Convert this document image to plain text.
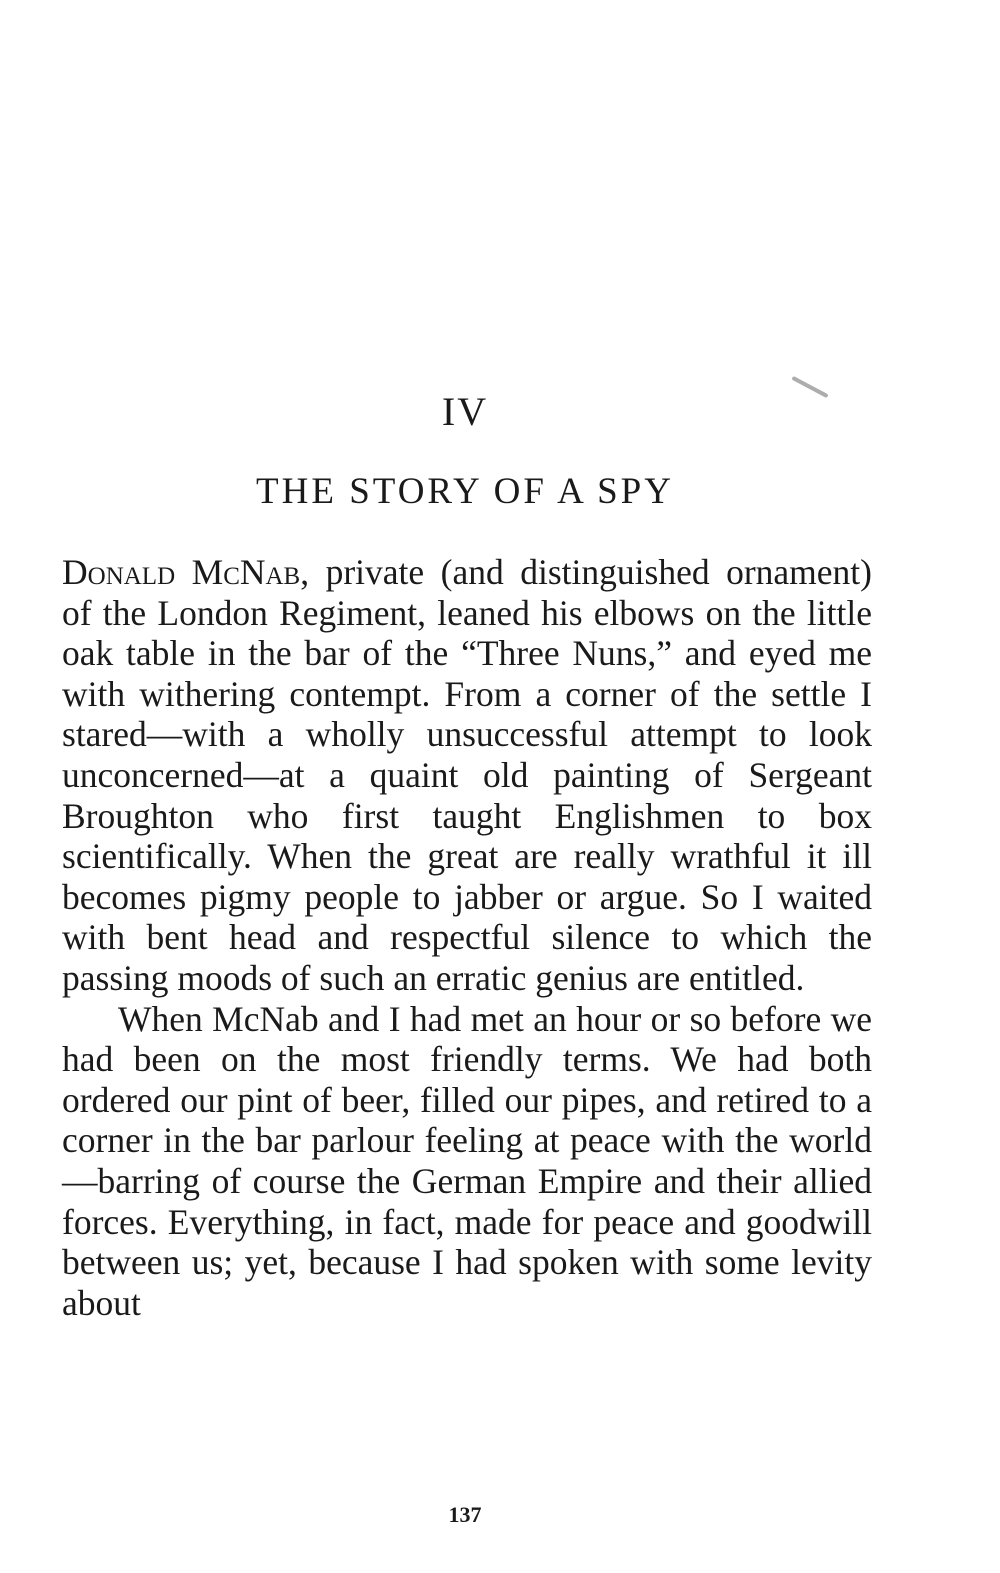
IV
THE STORY OF A SPY

Donald McNab, private (and distinguished ornament) of the London Regiment, leaned his elbows on the little oak table in the bar of the “Three Nuns,” and eyed me with withering contempt. From a corner of the settle I stared—with a wholly unsuccessful attempt to look unconcerned—at a quaint old painting of Sergeant Broughton who first taught Englishmen to box scientifically. When the great are really wrathful it ill becomes pigmy people to jabber or argue. So I waited with bent head and respectful silence to which the passing moods of such an erratic genius are entitled.

When McNab and I had met an hour or so before we had been on the most friendly terms. We had both ordered our pint of beer, filled our pipes, and retired to a corner in the bar parlour feeling at peace with the world—barring of course the German Empire and their allied forces. Everything, in fact, made for peace and goodwill between us; yet, because I had spoken with some levity about

137
